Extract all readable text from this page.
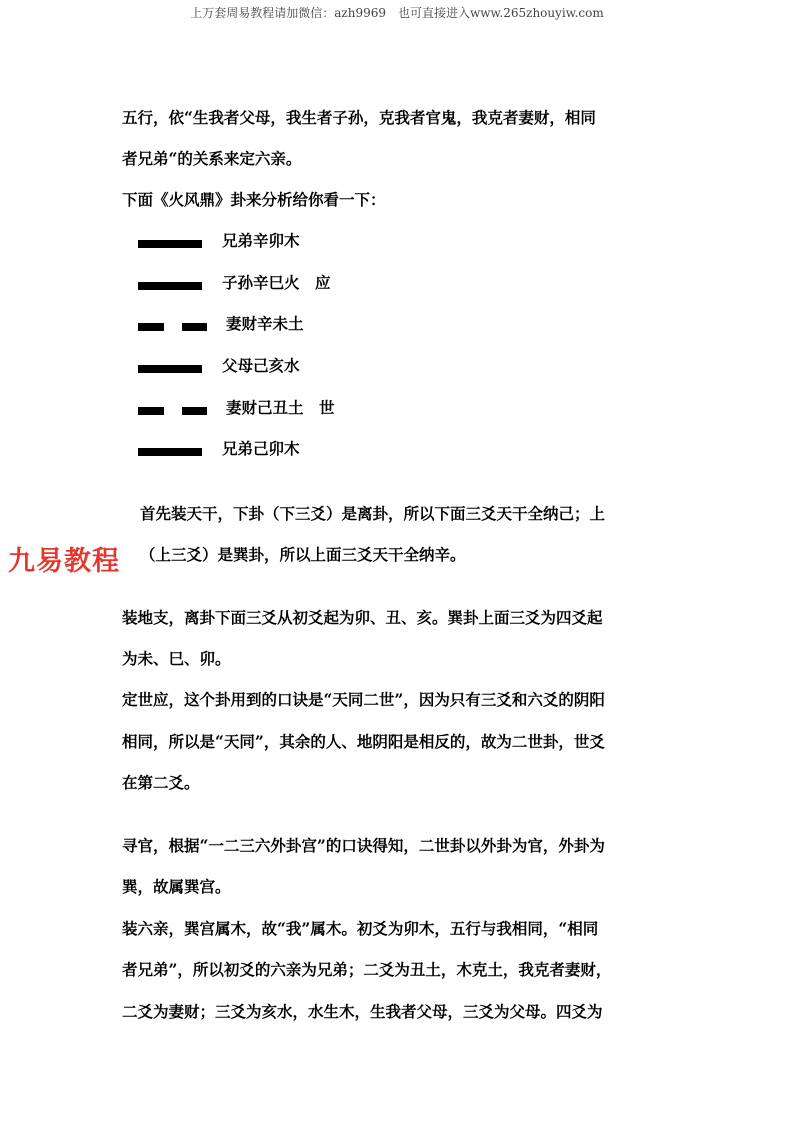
上万套周易教程请加微信：azh9969　也可直接进入www.265zhouyiw.com
五行，依“生我者父母，我生者子孙，克我者官鬼，我克者妻财，相同
者兄弟“的关系来定六亲。
下面《火风鼎》卦来分析给你看一下：
兄弟辛卯木
子孙辛巳火　应
妻财辛未土
父母己亥水
妻财己丑土　世
兄弟己卯木
首先装天干，下卦（下三爻）是离卦，所以下面三爻天干全纳己；上
（上三爻）是巽卦，所以上面三爻天干全纳辛。
九易教程
装地支，离卦下面三爻从初爻起为卯、丑、亥。巽卦上面三爻为四爻起
为未、巳、卯。
定世应，这个卦用到的口诀是“天同二世”，因为只有三爻和六爻的阴阳
相同，所以是“天同”，其余的人、地阴阳是相反的，故为二世卦，世爻
在第二爻。
寻官，根据“一二三六外卦宫”的口诀得知，二世卦以外卦为官，外卦为
巽，故属巽宫。
装六亲，巽宫属木，故“我”属木。初爻为卯木，五行与我相同，“相同
者兄弟”，所以初爻的六亲为兄弟；二爻为丑土，木克土，我克者妻财，
二爻为妻财；三爻为亥水，水生木，生我者父母，三爻为父母。四爻为
